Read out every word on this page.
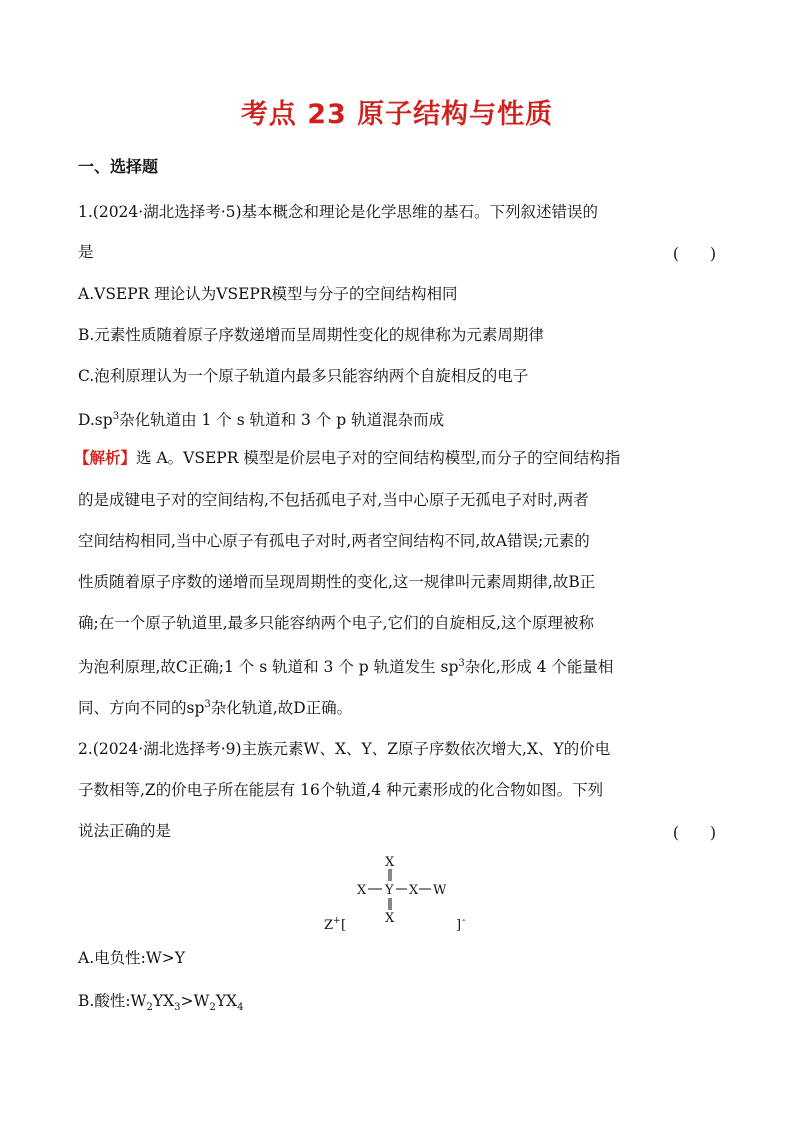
考点 23 原子结构与性质
一、选择题
1.(2024·湖北选择考·5)基本概念和理论是化学思维的基石。下列叙述错误的
是	(　　)
A.VSEPR 理论认为VSEPR模型与分子的空间结构相同
B.元素性质随着原子序数递增而呈周期性变化的规律称为元素周期律
C.泡利原理认为一个原子轨道内最多只能容纳两个自旋相反的电子
$D.sp^3$杂化轨道由 1 个 s 轨道和 3 个 p 轨道混杂而成
【解析】选 A。VSEPR 模型是价层电子对的空间结构模型,而分子的空间结构指
的是成键电子对的空间结构,不包括孤电子对,当中心原子无孤电子对时,两者
空间结构相同,当中心原子有孤电子对时,两者空间结构不同,故A错误;元素的
性质随着原子序数的递增而呈现周期性的变化,这一规律叫元素周期律,故B正
确;在一个原子轨道里,最多只能容纳两个电子,它们的自旋相反,这个原理被称
为泡利原理,故C正确;1 个 s 轨道和 3 个 p 轨道发生 $sp^3$杂化,形成 4 个能量相
同、方向不同的$sp^3$杂化轨道,故D正确。
2.(2024·湖北选择考·9)主族元素W、X、Y、Z原子序数依次增大,X、Y的价电
子数相等,Z的价电子所在能层有 16个轨道,4 种元素形成的化合物如图。下列
说法正确的是	(　　)
X
X Y X W
X
Z + [	] -
A.电负性:W>Y
B.酸性$:W_2YX_3>W_2YX_4$
